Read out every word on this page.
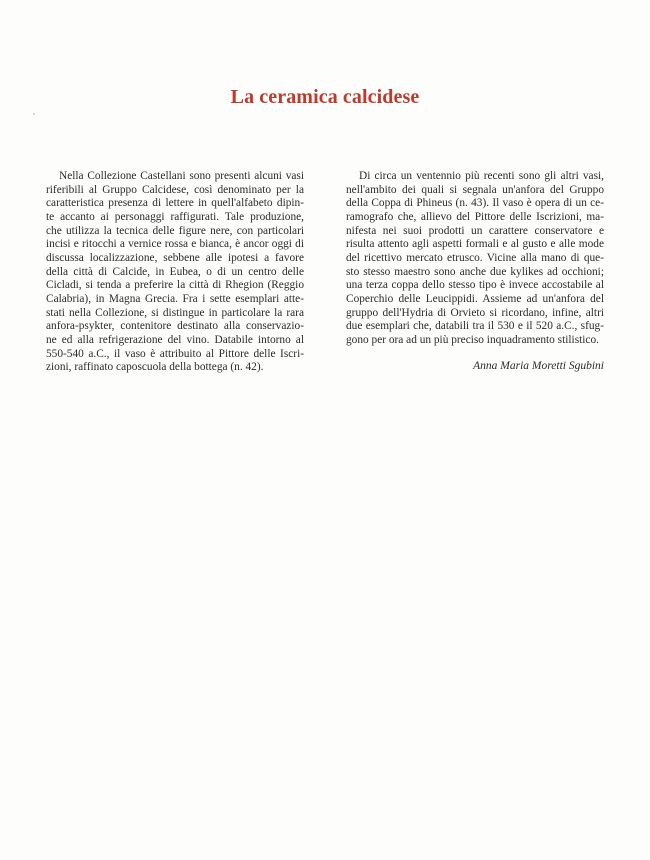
La ceramica calcidese
Nella Collezione Castellani sono presenti alcuni vasi
riferibili al Gruppo Calcidese, così denominato per la
caratteristica presenza di lettere in quell'alfabeto dipin-
te accanto ai personaggi raffigurati. Tale produzione,
che utilizza la tecnica delle figure nere, con particolari
incisi e ritocchi a vernice rossa e bianca, è ancor oggi di
discussa localizzazione, sebbene alle ipotesi a favore
della città di Calcide, in Eubea, o di un centro delle
Cicladi, si tenda a preferire la città di Rhegion (Reggio
Calabria), in Magna Grecia. Fra i sette esemplari atte-
stati nella Collezione, si distingue in particolare la rara
anfora-psykter, contenitore destinato alla conservazio-
ne ed alla refrigerazione del vino. Databile intorno al
550-540 a.C., il vaso è attribuito al Pittore delle Iscri-
zioni, raffinato caposcuola della bottega (n. 42).
Di circa un ventennio più recenti sono gli altri vasi,
nell'ambito dei quali si segnala un'anfora del Gruppo
della Coppa di Phineus (n. 43). Il vaso è opera di un ce-
ramografo che, allievo del Pittore delle Iscrizioni, ma-
nifesta nei suoi prodotti un carattere conservatore e
risulta attento agli aspetti formali e al gusto e alle mode
del ricettivo mercato etrusco. Vicine alla mano di que-
sto stesso maestro sono anche due kylikes ad occhioni;
una terza coppa dello stesso tipo è invece accostabile al
Coperchio delle Leucippidi. Assieme ad un'anfora del
gruppo dell'Hydria di Orvieto si ricordano, infine, altri
due esemplari che, databili tra il 530 e il 520 a.C., sfug-
gono per ora ad un più preciso inquadramento stilistico.
Anna Maria Moretti Sgubini
